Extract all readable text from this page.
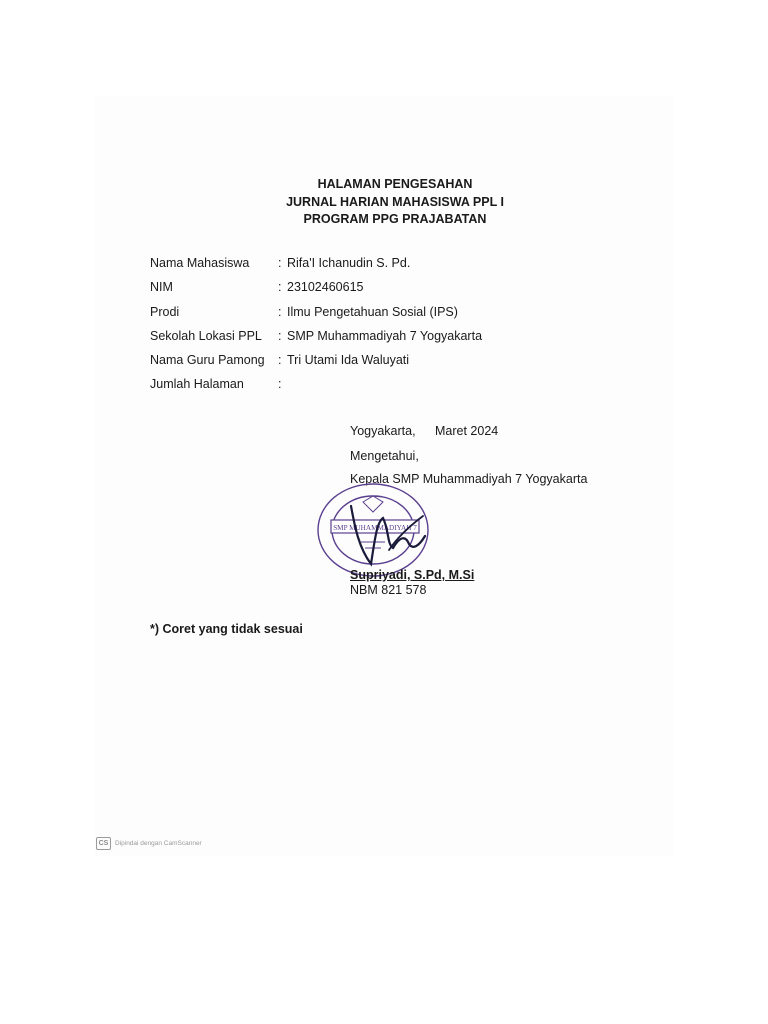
HALAMAN PENGESAHAN
JURNAL HARIAN MAHASISWA PPL I
PROGRAM PPG PRAJABATAN
Nama Mahasiswa : Rifa'I Ichanudin S. Pd.
NIM	: 23102460615
Prodi	: Ilmu Pengetahuan Sosial (IPS)
Sekolah Lokasi PPL : SMP Muhammadiyah 7 Yogyakarta
Nama Guru Pamong : Tri Utami Ida Waluyati
Jumlah Halaman	:
Yogyakarta, Maret 2024
Mengetahui,
Kepala SMP Muhammadiyah 7 Yogyakarta
SMP MUHAMMADIYAH 7
Supriyadi, S.Pd, M.Si
NBM 821 578
*) Coret yang tidak sesuai
CS	Dipindai dengan CamScanner
